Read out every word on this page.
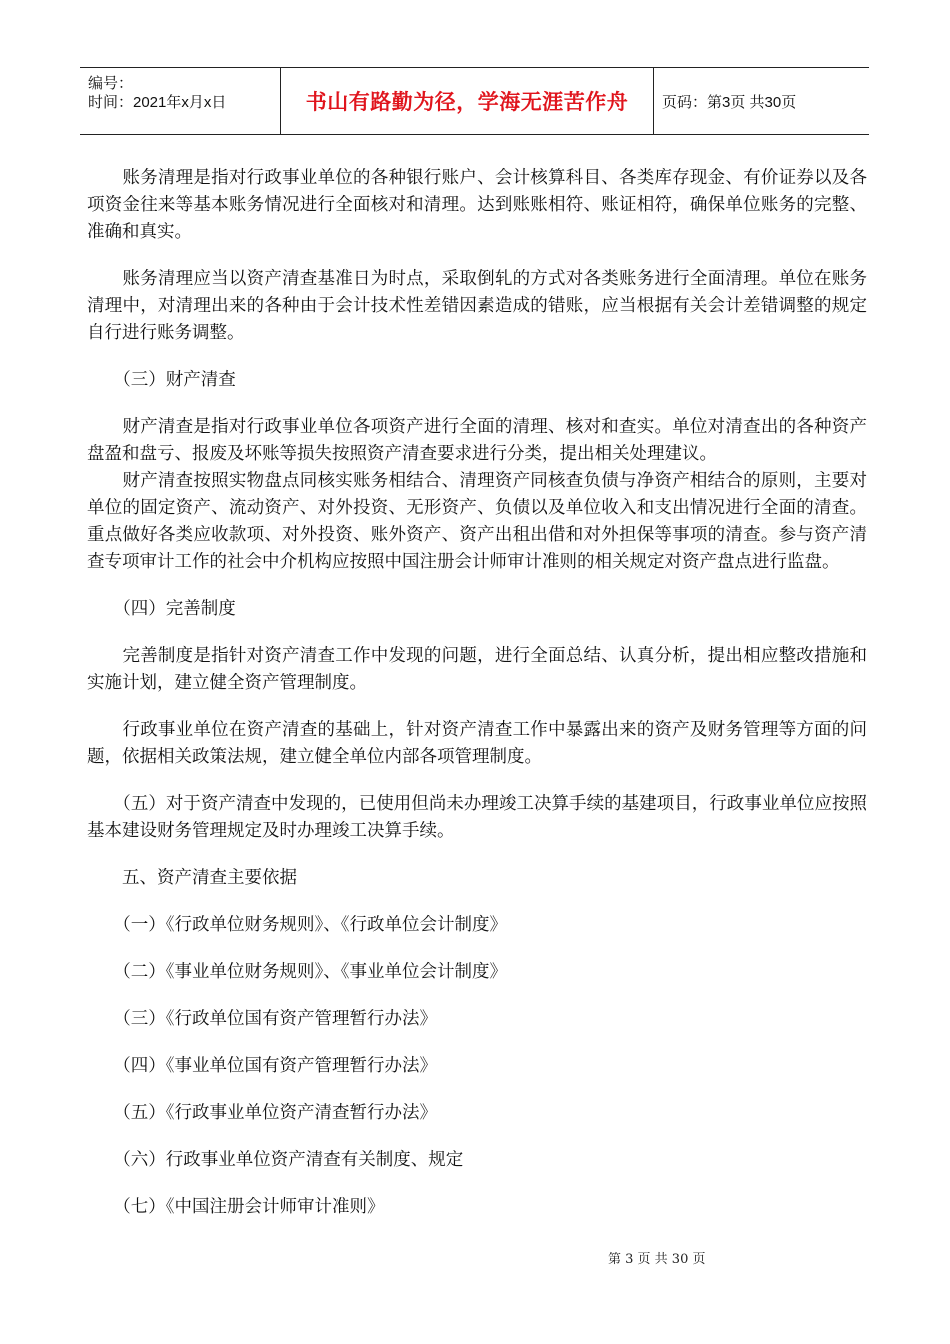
编号：
时间：2021年x月x日	书山有路勤为径，学海无涯苦作舟	页码：第3页 共30页

　　账务清理是指对行政事业单位的各种银行账户、会计核算科目、各类库存现金、有价证券以及各项资金往来等基本账务情况进行全面核对和清理。达到账账相符、账证相符，确保单位账务的完整、准确和真实。

　　账务清理应当以资产清查基准日为时点，采取倒轧的方式对各类账务进行全面清理。单位在账务清理中，对清理出来的各种由于会计技术性差错因素造成的错账，应当根据有关会计差错调整的规定自行进行账务调整。

　　（三）财产清查

　　财产清查是指对行政事业单位各项资产进行全面的清理、核对和查实。单位对清查出的各种资产盘盈和盘亏、报废及坏账等损失按照资产清查要求进行分类，提出相关处理建议。

　　财产清查按照实物盘点同核实账务相结合、清理资产同核查负债与净资产相结合的原则，主要对单位的固定资产、流动资产、对外投资、无形资产、负债以及单位收入和支出情况进行全面的清查。重点做好各类应收款项、对外投资、账外资产、资产出租出借和对外担保等事项的清查。参与资产清查专项审计工作的社会中介机构应按照中国注册会计师审计准则的相关规定对资产盘点进行监盘。

　　（四）完善制度

　　完善制度是指针对资产清查工作中发现的问题，进行全面总结、认真分析，提出相应整改措施和实施计划，建立健全资产管理制度。

　　行政事业单位在资产清查的基础上，针对资产清查工作中暴露出来的资产及财务管理等方面的问题，依据相关政策法规，建立健全单位内部各项管理制度。

　　（五）对于资产清查中发现的，已使用但尚未办理竣工决算手续的基建项目，行政事业单位应按照基本建设财务管理规定及时办理竣工决算手续。

　　五、资产清查主要依据

　　（一）《行政单位财务规则》、《行政单位会计制度》

　　（二）《事业单位财务规则》、《事业单位会计制度》

　　（三）《行政单位国有资产管理暂行办法》

　　（四）《事业单位国有资产管理暂行办法》

　　（五）《行政事业单位资产清查暂行办法》

　　（六）行政事业单位资产清查有关制度、规定

　　（七）《中国注册会计师审计准则》

第 3 页 共 30 页
